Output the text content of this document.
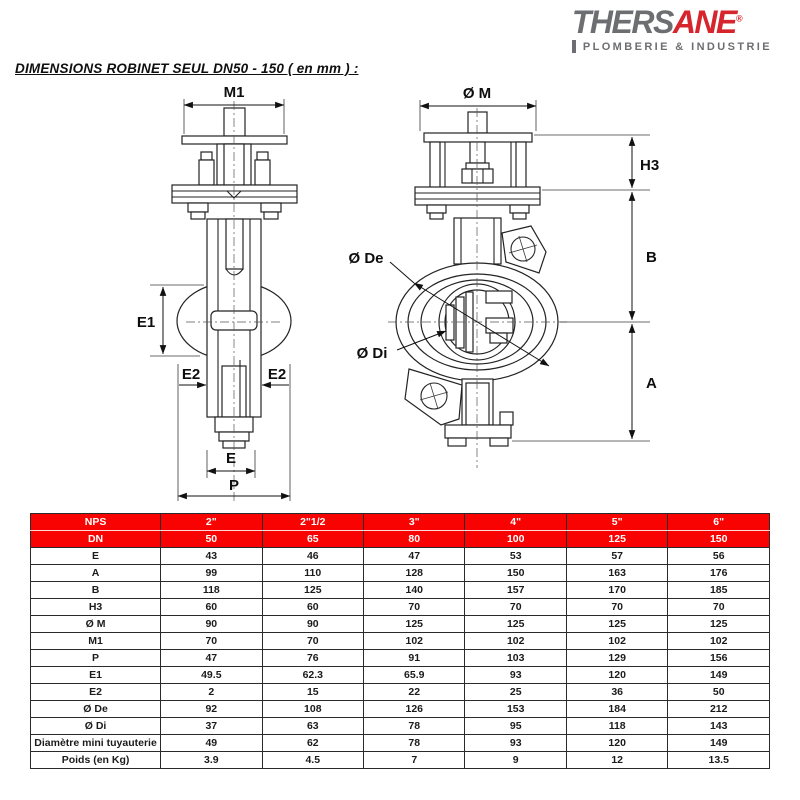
THERSANE®
PLOMBERIE & INDUSTRIE
DIMENSIONS ROBINET SEUL DN50 - 150 ( en mm ) :
M1
E1
E2	E2
E
P
Ø M
Ø De
Ø Di
H3
B
A
NPS	2"	2"1/2	3"	4"	5"	6"
DN	50	65	80	100	125	150
E	43	46	47	53	57	56
A	99	110	128	150	163	176
B	118	125	140	157	170	185
H3	60	60	70	70	70	70
Ø M	90	90	125	125	125	125
M1	70	70	102	102	102	102
P	47	76	91	103	129	156
E1	49.5	62.3	65.9	93	120	149
E2	2	15	22	25	36	50
Ø De	92	108	126	153	184	212
Ø Di	37	63	78	95	118	143
Diamètre mini tuyauterie	49	62	78	93	120	149
Poids (en Kg)	3.9	4.5	7	9	12	13.5
